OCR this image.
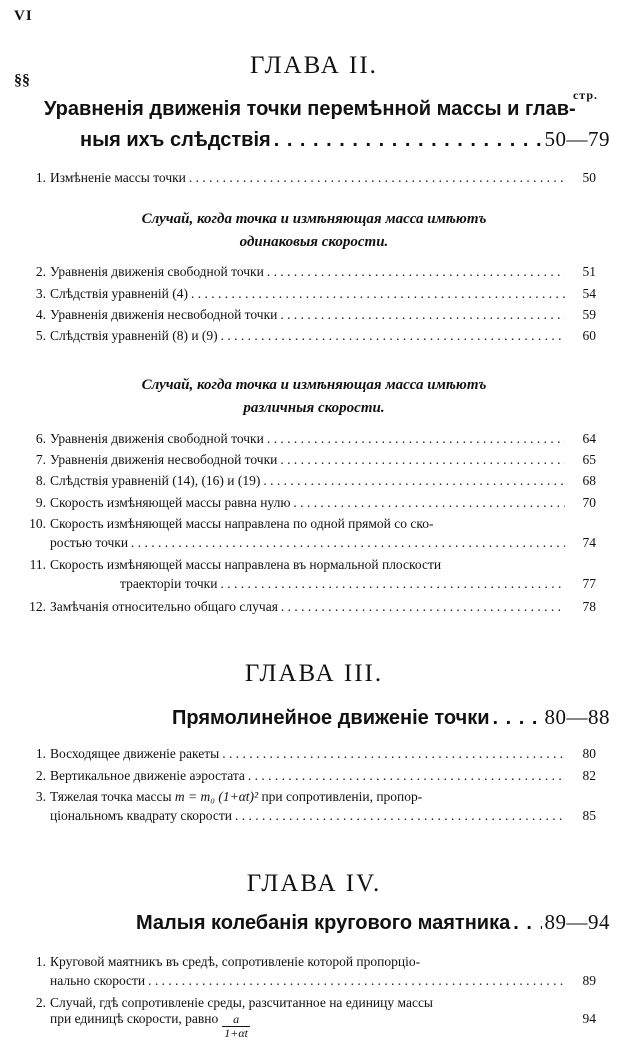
VI
ГЛАВА II.
§§
стр.
Уравненія движенія точки перемѣнной массы и глав-
ныя ихъ слѣдствія . . .	50—79
1. Измѣненіе массы точки . . .	50
Случай, когда точка и измѣняющая масса имѣютъ
одинаковыя скорости.
2. Уравненія движенія свободной точки . . .	51
3. Слѣдствія уравненій (4) . . .	54
4. Уравненія движенія несвободной точки . . .	59
5. Слѣдствія уравненій (8) и (9) . . .	60
Случай, когда точка и измѣняющая масса имѣютъ
различныя скорости.
6. Уравненія движенія свободной точки . . .	64
7. Уравненія движенія несвободной точки . . .	65
8. Слѣдствія уравненій (14), (16) и (19) . . .	68
9. Скорость измѣняющей массы равна нулю . . .	70
10. Скорость измѣняющей массы направлена по одной прямой со ско-
ростью точки . . .	74
11. Скорость измѣняющей массы направлена въ нормальной плоскости
траекторіи точки . . .	77
12. Замѣчанія относительно общаго случая . . .	78
ГЛАВА III.
Прямолинейное движеніе точки . . .	80—88
1. Восходящее движеніе ракеты . . .	80
2. Вертикальное движеніе аэростата . . .	82
3. Тяжелая точка массы m = m₀ (1+αt)² при сопротивленіи, пропор-
ціональномъ квадрату скорости . . .	85
ГЛАВА IV.
Малыя колебанія кругового маятника . . . 89—94
1. Круговой маятникъ въ средѣ, сопротивленіе которой пропорціо-
нально скорости . . .	89
2. Случай, гдѣ сопротивленіе среды, разсчитанное на единицу массы
при единицѣ скорости, равно $\frac{a}{1+\alpha t}$	94
